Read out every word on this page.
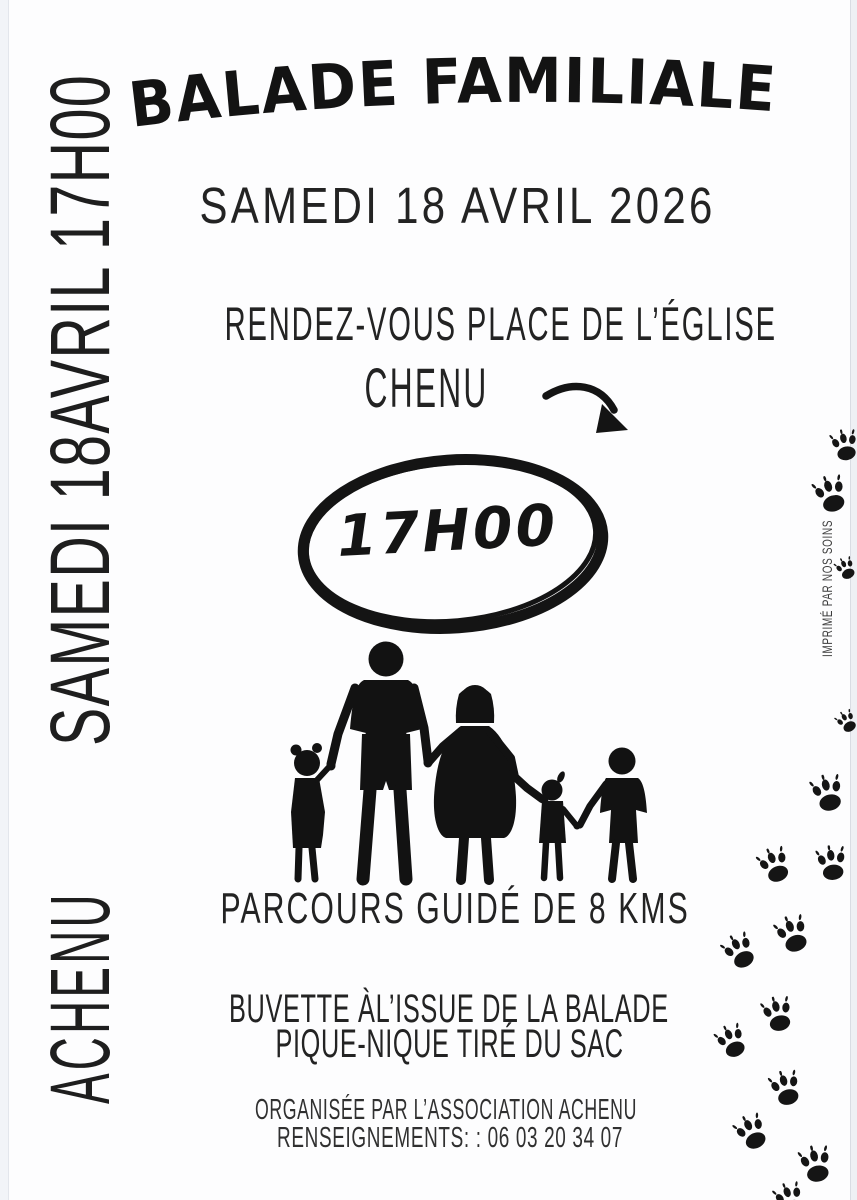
BALADE FAMILIALE
SAMEDI 18 AVRIL 2026
RENDEZ-VOUS PLACE DE L’ÉGLISE
CHENU
17H00
PARCOURS GUIDÉ DE 8 KMS
BUVETTE ÀL’ISSUE DE LA BALADE
PIQUE-NIQUE TIRÉ DU SAC
ORGANISÉE PAR L’ASSOCIATION ACHENU
RENSEIGNEMENTS: : 06 03 20 34 07
SAMEDI 18AVRIL 17H00
ACHENU
IMPRIMÉ PAR NOS SOINS
